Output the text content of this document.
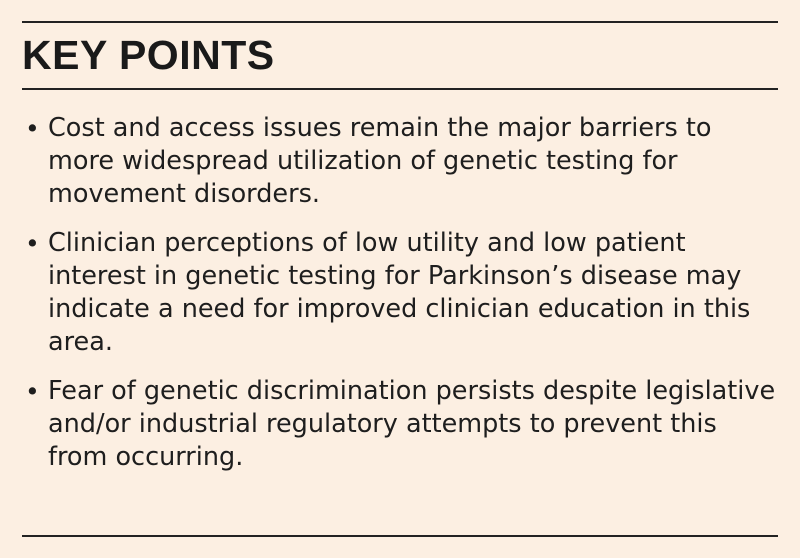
KEY POINTS
• Cost and access issues remain the major barriers to
more widespread utilization of genetic testing for
movement disorders.
• Clinician perceptions of low utility and low patient
interest in genetic testing for Parkinson’s disease may
indicate a need for improved clinician education in this
area.
• Fear of genetic discrimination persists despite legislative
and/or industrial regulatory attempts to prevent this
from occurring.
